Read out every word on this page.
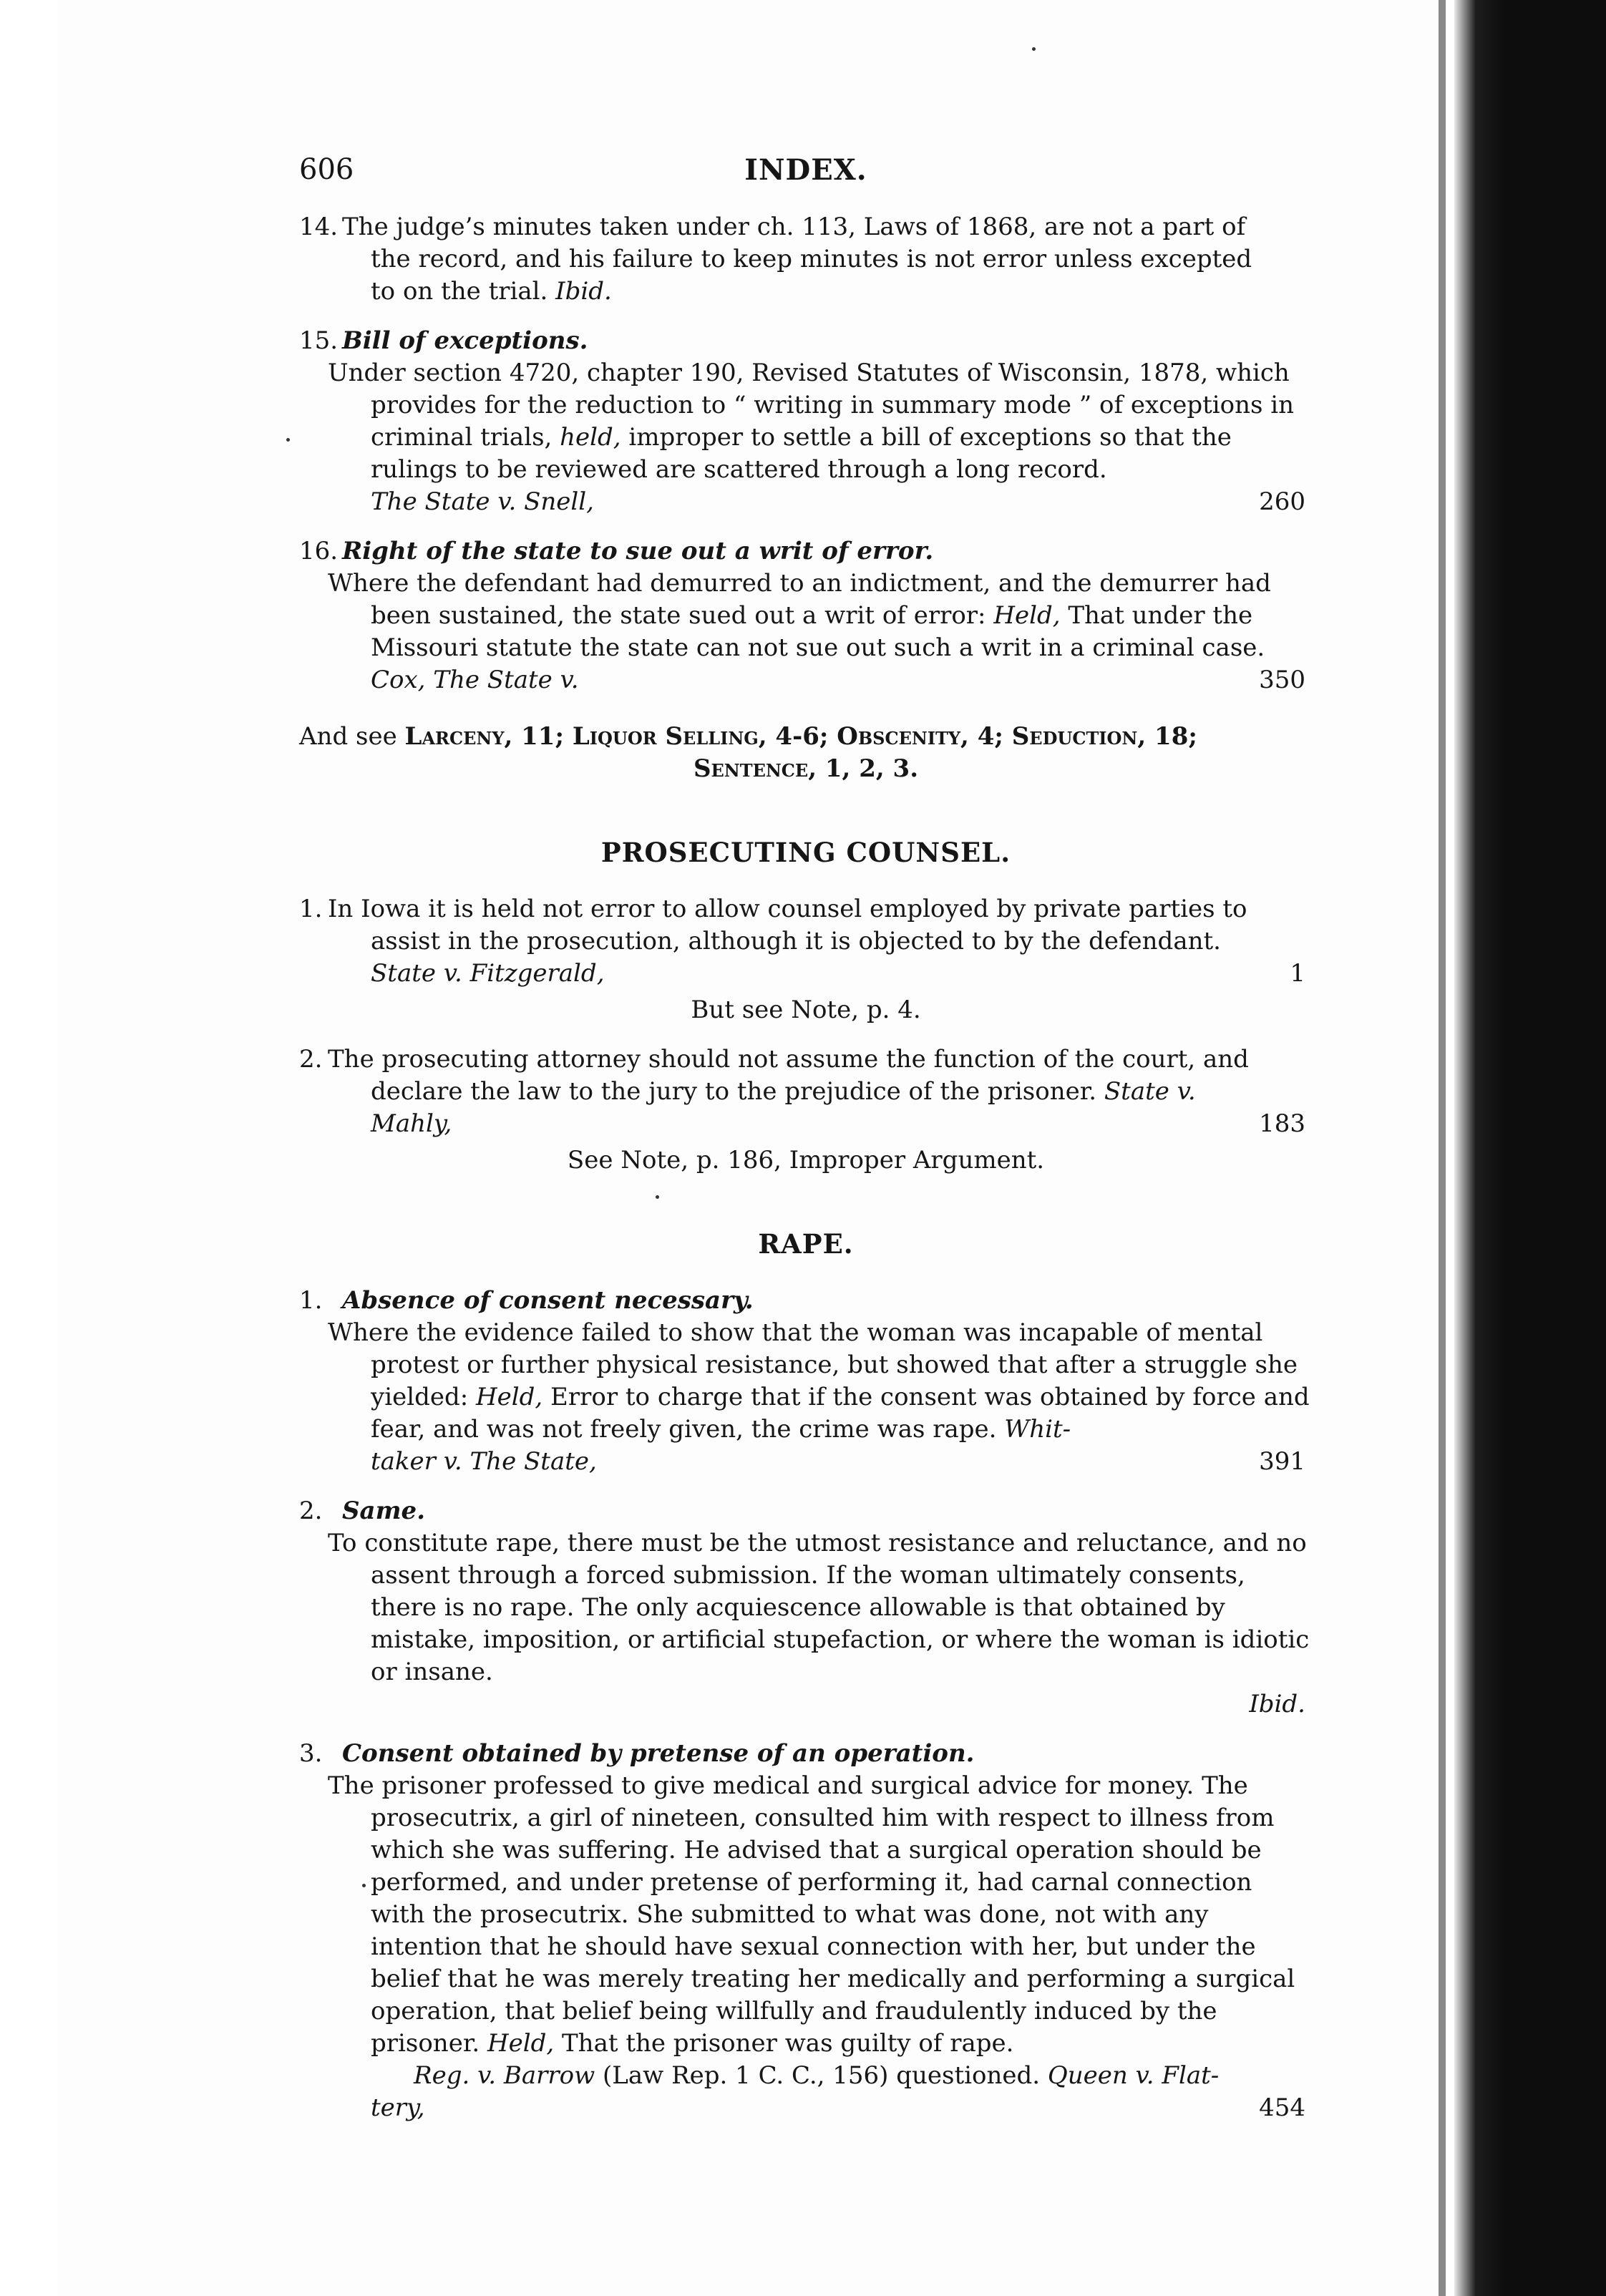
606	INDEX.
14. The judge’s minutes taken under ch. 113, Laws of 1868, are not a part of
the record, and his failure to keep minutes is not error unless excepted
to on the trial. Ibid.
15. Bill of exceptions.
Under section 4720, chapter 190, Revised Statutes of Wisconsin, 1878, which provides for the reduction to “ writing in summary mode ” of exceptions in criminal trials, held, improper to settle a bill of exceptions so that the rulings to be reviewed are scattered through a long record.
The State v. Snell,	260
16. Right of the state to sue out a writ of error.
Where the defendant had demurred to an indictment, and the demurrer had been sustained, the state sued out a writ of error: Held, That under the Missouri statute the state can not sue out such a writ in a criminal case.
Cox, The State v.	350
And see Larceny, 11; Liquor Selling, 4-6; Obscenity, 4; Seduction, 18;
Sentence, 1, 2, 3.
PROSECUTING COUNSEL.
1. In Iowa it is held not error to allow counsel employed by private parties to assist in the prosecution, although it is objected to by the defendant.
State v. Fitzgerald,	1
But see Note, p. 4.
2. The prosecuting attorney should not assume the function of the court, and declare the law to the jury to the prejudice of the prisoner. State v.
Mahly,	183
See Note, p. 186, Improper Argument.
RAPE.
1. Absence of consent necessary.
Where the evidence failed to show that the woman was incapable of mental protest or further physical resistance, but showed that after a struggle she yielded: Held, Error to charge that if the consent was obtained by force and fear, and was not freely given, the crime was rape. Whit-
taker v. The State,	391
2. Same.
To constitute rape, there must be the utmost resistance and reluctance, and no assent through a forced submission. If the woman ultimately consents, there is no rape. The only acquiescence allowable is that obtained by mistake, imposition, or artificial stupefaction, or where the woman is idiotic or insane.
Ibid.
3. Consent obtained by pretense of an operation.
The prisoner professed to give medical and surgical advice for money. The prosecutrix, a girl of nineteen, consulted him with respect to illness from which she was suffering. He advised that a surgical operation should be performed, and under pretense of performing it, had carnal connection with the prosecutrix. She submitted to what was done, not with any intention that he should have sexual connection with her, but under the belief that he was merely treating her medically and performing a surgical operation, that belief being willfully and fraudulently induced by the prisoner. Held, That the prisoner was guilty of rape.
Reg. v. Barrow (Law Rep. 1 C. C., 156) questioned. Queen v. Flat-
tery,	454
